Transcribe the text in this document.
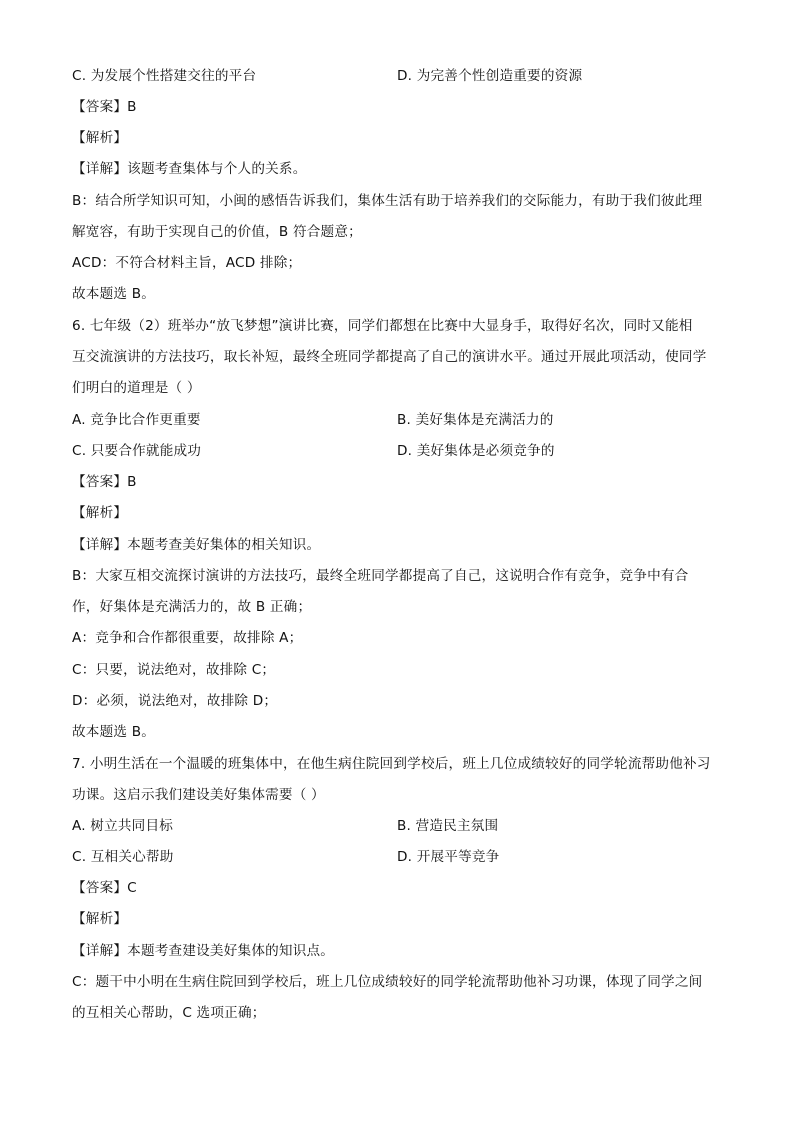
C. 为发展个性搭建交往的平台	D. 为完善个性创造重要的资源
【答案】B
【解析】
【详解】该题考查集体与个人的关系。
B：结合所学知识可知，小闽的感悟告诉我们，集体生活有助于培养我们的交际能力，有助于我们彼此理
解宽容，有助于实现自己的价值，B 符合题意；
ACD：不符合材料主旨，ACD 排除；
故本题选 B。
6. 七年级（2）班举办“放飞梦想”演讲比赛，同学们都想在比赛中大显身手，取得好名次，同时又能相
互交流演讲的方法技巧，取长补短，最终全班同学都提高了自己的演讲水平。通过开展此项活动，使同学
们明白的道理是（ ）
A. 竞争比合作更重要	B. 美好集体是充满活力的
C. 只要合作就能成功	D. 美好集体是必须竞争的
【答案】B
【解析】
【详解】本题考查美好集体的相关知识。
B：大家互相交流探讨演讲的方法技巧，最终全班同学都提高了自己，这说明合作有竞争，竞争中有合
作，好集体是充满活力的，故 B 正确；
A：竞争和合作都很重要，故排除 A；
C：只要，说法绝对，故排除 C；
D：必须，说法绝对，故排除 D；
故本题选 B。
7. 小明生活在一个温暖的班集体中，在他生病住院回到学校后，班上几位成绩较好的同学轮流帮助他补习
功课。这启示我们建设美好集体需要（ ）
A. 树立共同目标	B. 营造民主氛围
C. 互相关心帮助	D. 开展平等竞争
【答案】C
【解析】
【详解】本题考查建设美好集体的知识点。
C：题干中小明在生病住院回到学校后，班上几位成绩较好的同学轮流帮助他补习功课，体现了同学之间
的互相关心帮助，C 选项正确；
